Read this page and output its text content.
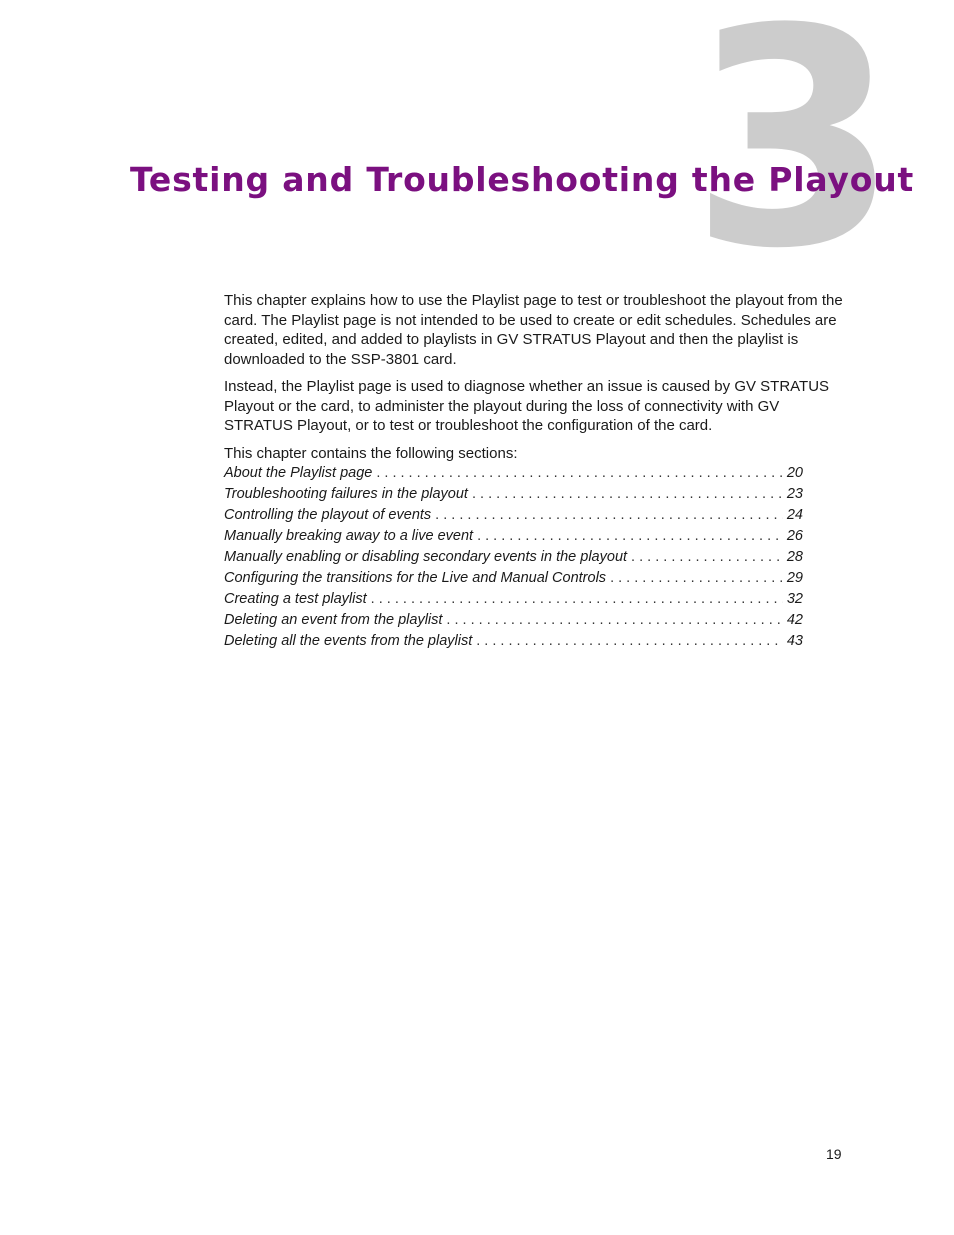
3
Testing and Troubleshooting the Playout

This chapter explains how to use the Playlist page to test or troubleshoot the playout from the card. The Playlist page is not intended to be used to create or edit schedules. Schedules are created, edited, and added to playlists in GV STRATUS Playout and then the playlist is downloaded to the SSP-3801 card.

Instead, the Playlist page is used to diagnose whether an issue is caused by GV STRATUS Playout or the card, to administer the playout during the loss of connectivity with GV STRATUS Playout, or to test or troubleshoot the configuration of the card.

This chapter contains the following sections:

About the Playlist page . . .	20
Troubleshooting failures in the playout . . .	23
Controlling the playout of events . . .	24
Manually breaking away to a live event . . .	26
Manually enabling or disabling secondary events in the playout . . .	28
Configuring the transitions for the Live and Manual Controls . . .	29
Creating a test playlist . . .	32
Deleting an event from the playlist . . .	42
Deleting all the events from the playlist . . .	43
19
